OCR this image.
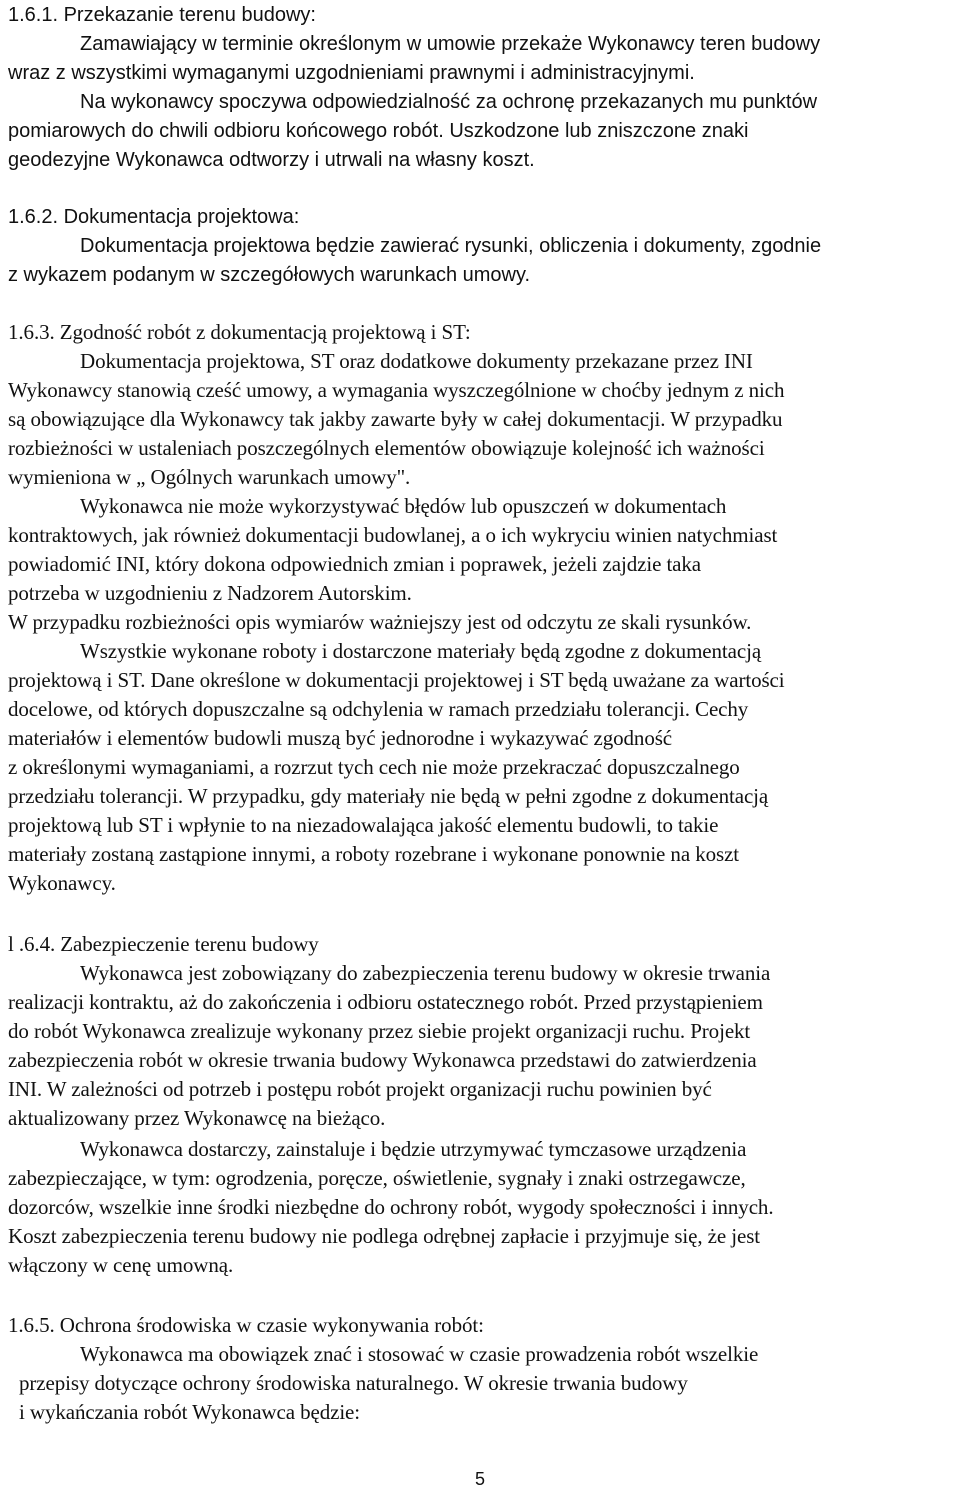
1.6.1. Przekazanie terenu budowy:
Zamawiający w terminie określonym w umowie przekaże Wykonawcy teren budowy
wraz z wszystkimi wymaganymi uzgodnieniami prawnymi i administracyjnymi.
Na wykonawcy spoczywa odpowiedzialność za ochronę przekazanych mu punktów
pomiarowych do chwili odbioru końcowego robót. Uszkodzone lub zniszczone znaki
geodezyjne Wykonawca odtworzy i utrwali na własny koszt.
1.6.2. Dokumentacja projektowa:
Dokumentacja projektowa będzie zawierać rysunki, obliczenia i dokumenty, zgodnie
z wykazem podanym w szczegółowych warunkach umowy.
1.6.3. Zgodność robót z dokumentacją projektową i ST:
Dokumentacja projektowa, ST oraz dodatkowe dokumenty przekazane przez INI
Wykonawcy stanowią cześć umowy, a wymagania wyszczególnione w choćby jednym z nich
są obowiązujące dla Wykonawcy tak jakby zawarte były w całej dokumentacji. W przypadku
rozbieżności w ustaleniach poszczególnych elementów obowiązuje kolejność ich ważności
wymieniona w „ Ogólnych warunkach umowy".
Wykonawca nie może wykorzystywać błędów lub opuszczeń w dokumentach
kontraktowych, jak również dokumentacji budowlanej, a o ich wykryciu winien natychmiast
powiadomić INI, który dokona odpowiednich zmian i poprawek, jeżeli zajdzie taka
potrzeba w uzgodnieniu z Nadzorem Autorskim.
W przypadku rozbieżności opis wymiarów ważniejszy jest od odczytu ze skali rysunków.
Wszystkie wykonane roboty i dostarczone materiały będą zgodne z dokumentacją
projektową i ST. Dane określone w dokumentacji projektowej i ST będą uważane za wartości
docelowe, od których dopuszczalne są odchylenia w ramach przedziału tolerancji. Cechy
materiałów i elementów budowli muszą być jednorodne i wykazywać zgodność
z określonymi wymaganiami, a rozrzut tych cech nie może przekraczać dopuszczalnego
przedziału tolerancji. W przypadku, gdy materiały nie będą w pełni zgodne z dokumentacją
projektową lub ST i wpłynie to na niezadowalająca jakość elementu budowli, to takie
materiały zostaną zastąpione innymi, a roboty rozebrane i wykonane ponownie na koszt
Wykonawcy.
l .6.4. Zabezpieczenie terenu budowy
Wykonawca jest zobowiązany do zabezpieczenia terenu budowy w okresie trwania
realizacji kontraktu, aż do zakończenia i odbioru ostatecznego robót. Przed przystąpieniem
do robót Wykonawca zrealizuje wykonany przez siebie projekt organizacji ruchu. Projekt
zabezpieczenia robót w okresie trwania budowy Wykonawca przedstawi do zatwierdzenia
INI. W zależności od potrzeb i postępu robót projekt organizacji ruchu powinien być
aktualizowany przez Wykonawcę na bieżąco.
Wykonawca dostarczy, zainstaluje i będzie utrzymywać tymczasowe urządzenia
zabezpieczające, w tym: ogrodzenia, poręcze, oświetlenie, sygnały i znaki ostrzegawcze,
dozorców, wszelkie inne środki niezbędne do ochrony robót, wygody społeczności i innych.
Koszt zabezpieczenia terenu budowy nie podlega odrębnej zapłacie i przyjmuje się, że jest
włączony w cenę umowną.
1.6.5. Ochrona środowiska w czasie wykonywania robót:
Wykonawca ma obowiązek znać i stosować w czasie prowadzenia robót wszelkie
przepisy dotyczące ochrony środowiska naturalnego. W okresie trwania budowy
i wykańczania robót Wykonawca będzie:
5
